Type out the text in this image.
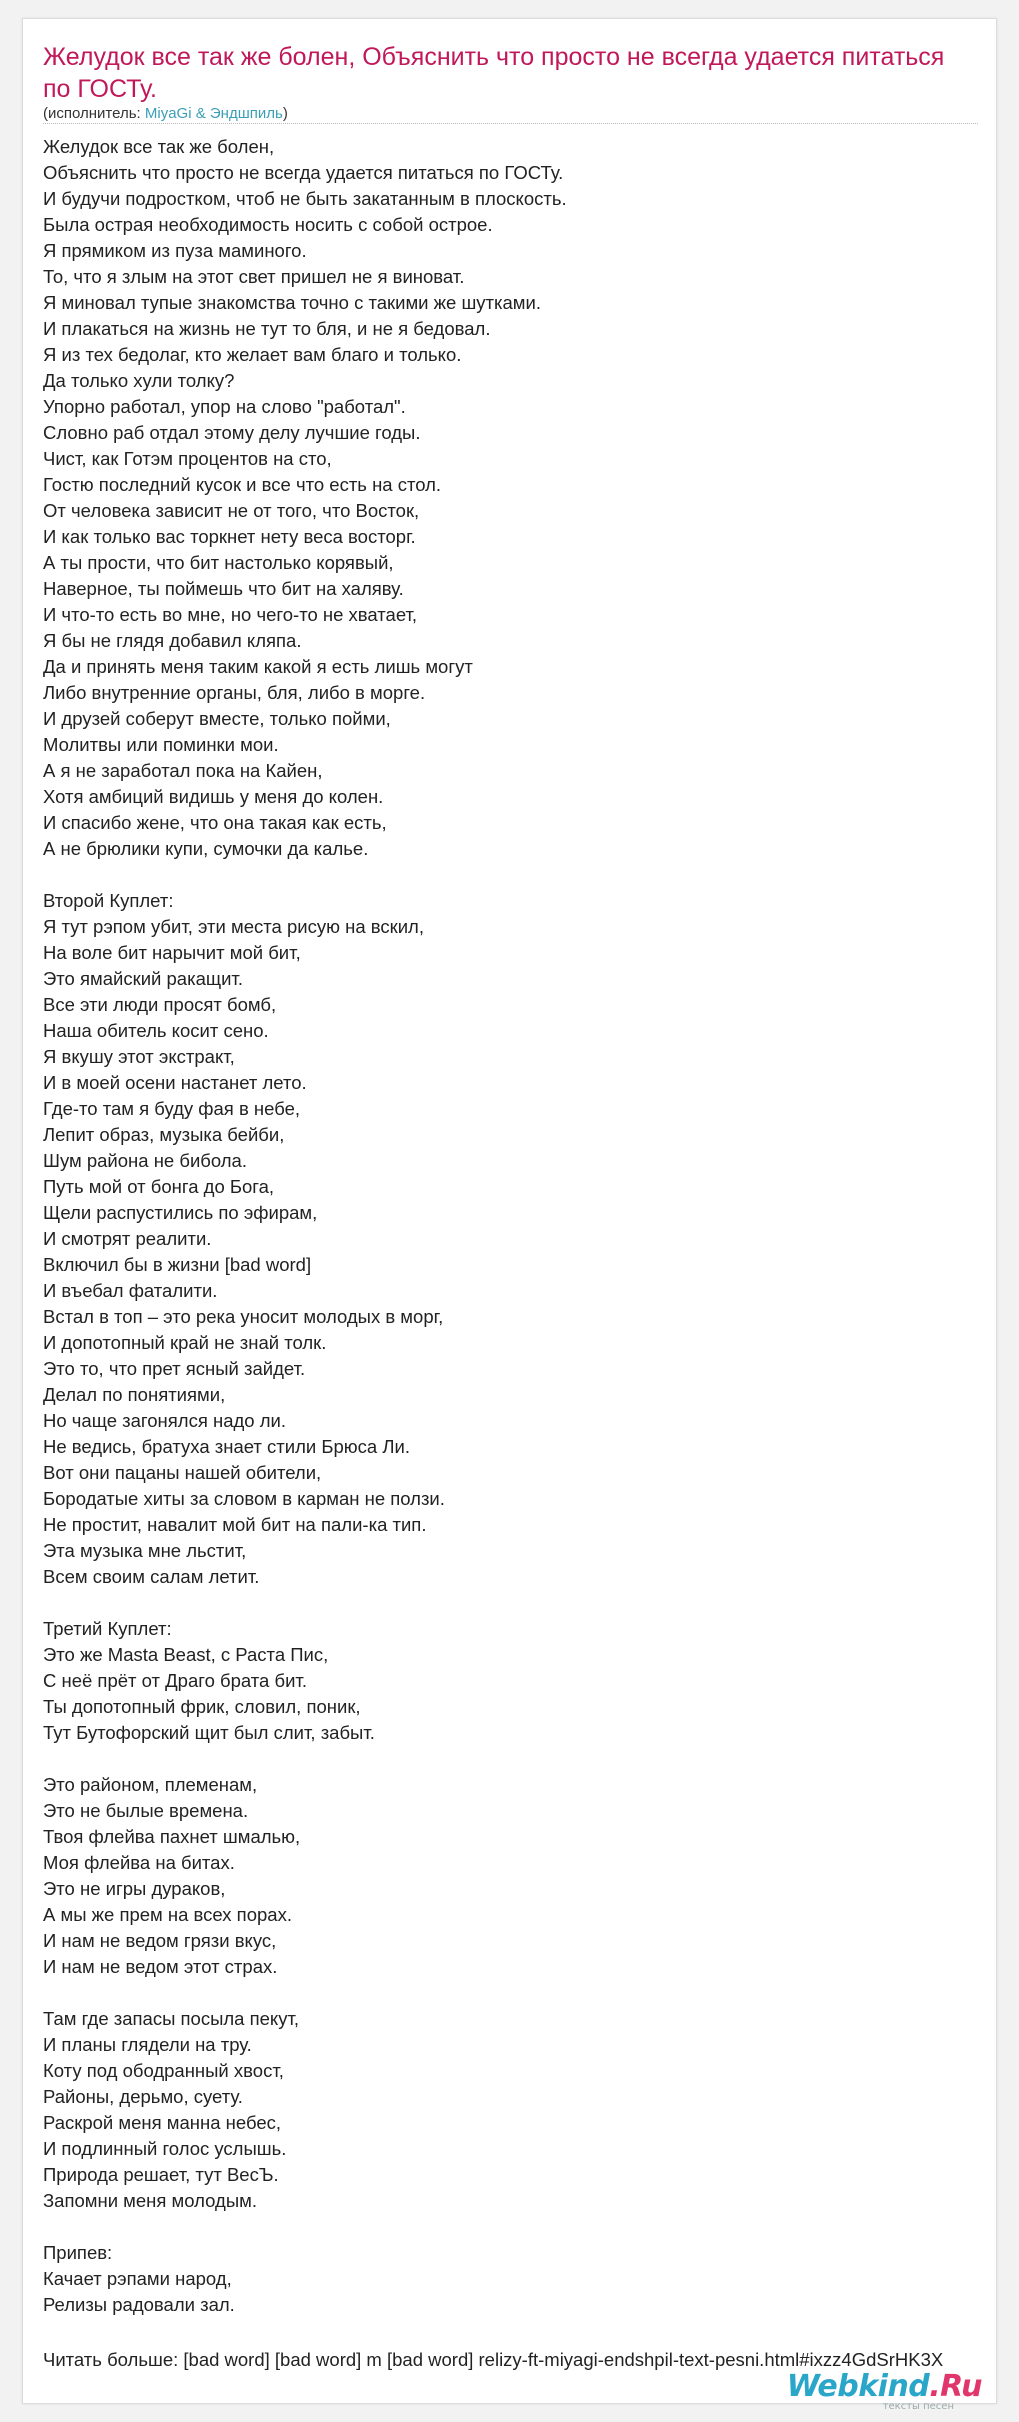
Желудок все так же болен, Объяснить что просто не всегда удается питаться по ГОСТу.
(исполнитель: MiyaGi & Эндшпиль)
Желудок все так же болен,
Объяснить что просто не всегда удается питаться по ГОСТу.
И будучи подростком, чтоб не быть закатанным в плоскость.
Была острая необходимость носить с собой острое.
Я прямиком из пуза маминого.
То, что я злым на этот свет пришел не я виноват.
Я миновал тупые знакомства точно с такими же шутками.
И плакаться на жизнь не тут то бля, и не я бедовал.
Я из тех бедолаг, кто желает вам благо и только.
Да только хули толку?
Упорно работал, упор на слово "работал".
Словно раб отдал этому делу лучшие годы.
Чист, как Готэм процентов на сто,
Гостю последний кусок и все что есть на стол.
От человека зависит не от того, что Восток,
И как только вас торкнет нету веса восторг.
А ты прости, что бит настолько корявый,
Наверное, ты поймешь что бит на халяву.
И что-то есть во мне, но чего-то не хватает,
Я бы не глядя добавил кляпа.
Да и принять меня таким какой я есть лишь могут
Либо внутренние органы, бля, либо в морге.
И друзей соберут вместе, только пойми,
Молитвы или поминки мои.
А я не заработал пока на Кайен,
Хотя амбиций видишь у меня до колен.
И спасибо жене, что она такая как есть,
А не брюлики купи, сумочки да калье.
Второй Куплет:
Я тут рэпом убит, эти места рисую на вскил,
На воле бит нарычит мой бит,
Это ямайский ракащит.
Все эти люди просят бомб,
Наша обитель косит сено.
Я вкушу этот экстракт,
И в моей осени настанет лето.
Где-то там я буду фая в небе,
Лепит образ, музыка бейби,
Шум района не бибола.
Путь мой от бонга до Бога,
Щели распустились по эфирам,
И смотрят реалити.
Включил бы в жизни [bad word]
И въебал фаталити.
Встал в топ – это река уносит молодых в морг,
И допотопный край не знай толк.
Это то, что прет ясный зайдет.
Делал по понятиями,
Но чаще загонялся надо ли.
Не ведись, братуха знает стили Брюса Ли.
Вот они пацаны нашей обители,
Бородатые хиты за словом в карман не ползи.
Не простит, навалит мой бит на пали-ка тип.
Эта музыка мне льстит,
Всем своим салам летит.
Третий Куплет:
Это же Masta Beast, с Раста Пис,
С неё прёт от Драго брата бит.
Ты допотопный фрик, словил, поник,
Тут Бутофорский щит был слит, забыт.
Это районом, племенам,
Это не былые времена.
Твоя флейва пахнет шмалью,
Моя флейва на битах.
Это не игры дураков,
А мы же прем на всех порах.
И нам не ведом грязи вкус,
И нам не ведом этот страх.
Там где запасы посыла пекут,
И планы глядели на тру.
Коту под ободранный хвост,
Районы, дерьмо, суету.
Раскрой меня манна небес,
И подлинный голос услышь.
Природа решает, тут ВесЪ.
Запомни меня молодым.
Припев:
Качает рэпами народ,
Релизы радовали зал.
Читать больше: [bad word] [bad word] m [bad word] relizy-ft-miyagi-endshpil-text-pesni.html#ixzz4GdSrHK3X
Webkind.Ru
тексты песен
